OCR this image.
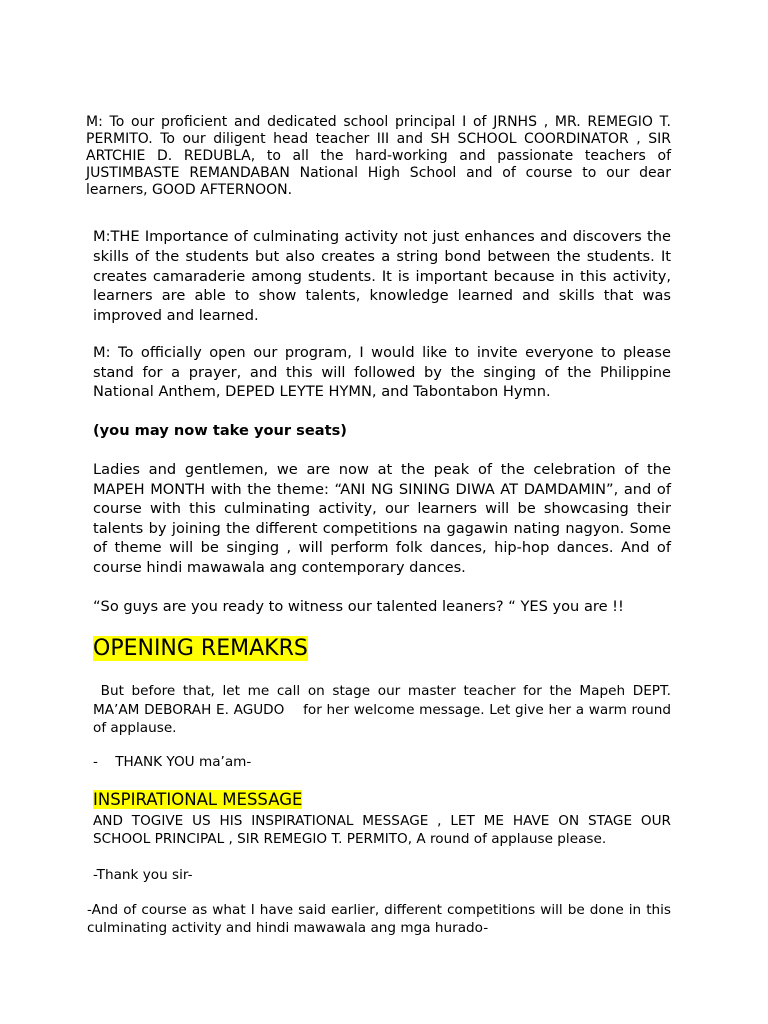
M: To our proficient and dedicated school principal I of JRNHS , MR. REMEGIO T. PERMITO. To our diligent head teacher III and SH SCHOOL COORDINATOR , SIR ARTCHIE D. REDUBLA, to all the hard-working and passionate teachers of JUSTIMBASTE REMANDABAN National High School and of course to our dear learners, GOOD AFTERNOON.

M:THE Importance of culminating activity not just enhances and discovers the skills of the students but also creates a string bond between the students. It creates camaraderie among students. It is important because in this activity, learners are able to show talents, knowledge learned and skills that was improved and learned.

M: To officially open our program, I would like to invite everyone to please stand for a prayer, and this will followed by the singing of the Philippine National Anthem, DEPED LEYTE HYMN, and Tabontabon Hymn.

(you may now take your seats)

Ladies and gentlemen, we are now at the peak of the celebration of the MAPEH MONTH with the theme: “ANI NG SINING DIWA AT DAMDAMIN”, and of course with this culminating activity, our learners will be showcasing their talents by joining the different competitions na gagawin nating nagyon. Some of theme will be singing , will perform folk dances, hip-hop dances. And of course hindi mawawala ang contemporary dances.

“So guys are you ready to witness our talented leaners? “ YES you are !!

OPENING REMAKRS

But before that, let me call on stage our master teacher for the Mapeh DEPT. MA’AM DEBORAH E. AGUDO    for her welcome message. Let give her a warm round of applause.

-    THANK YOU ma’am-

INSPIRATIONAL MESSAGE

AND TOGIVE US HIS INSPIRATIONAL MESSAGE , LET ME HAVE ON STAGE OUR SCHOOL PRINCIPAL , SIR REMEGIO T. PERMITO, A round of applause please.

-Thank you sir-

-And of course as what I have said earlier, different competitions will be done in this culminating activity and hindi mawawala ang mga hurado-
